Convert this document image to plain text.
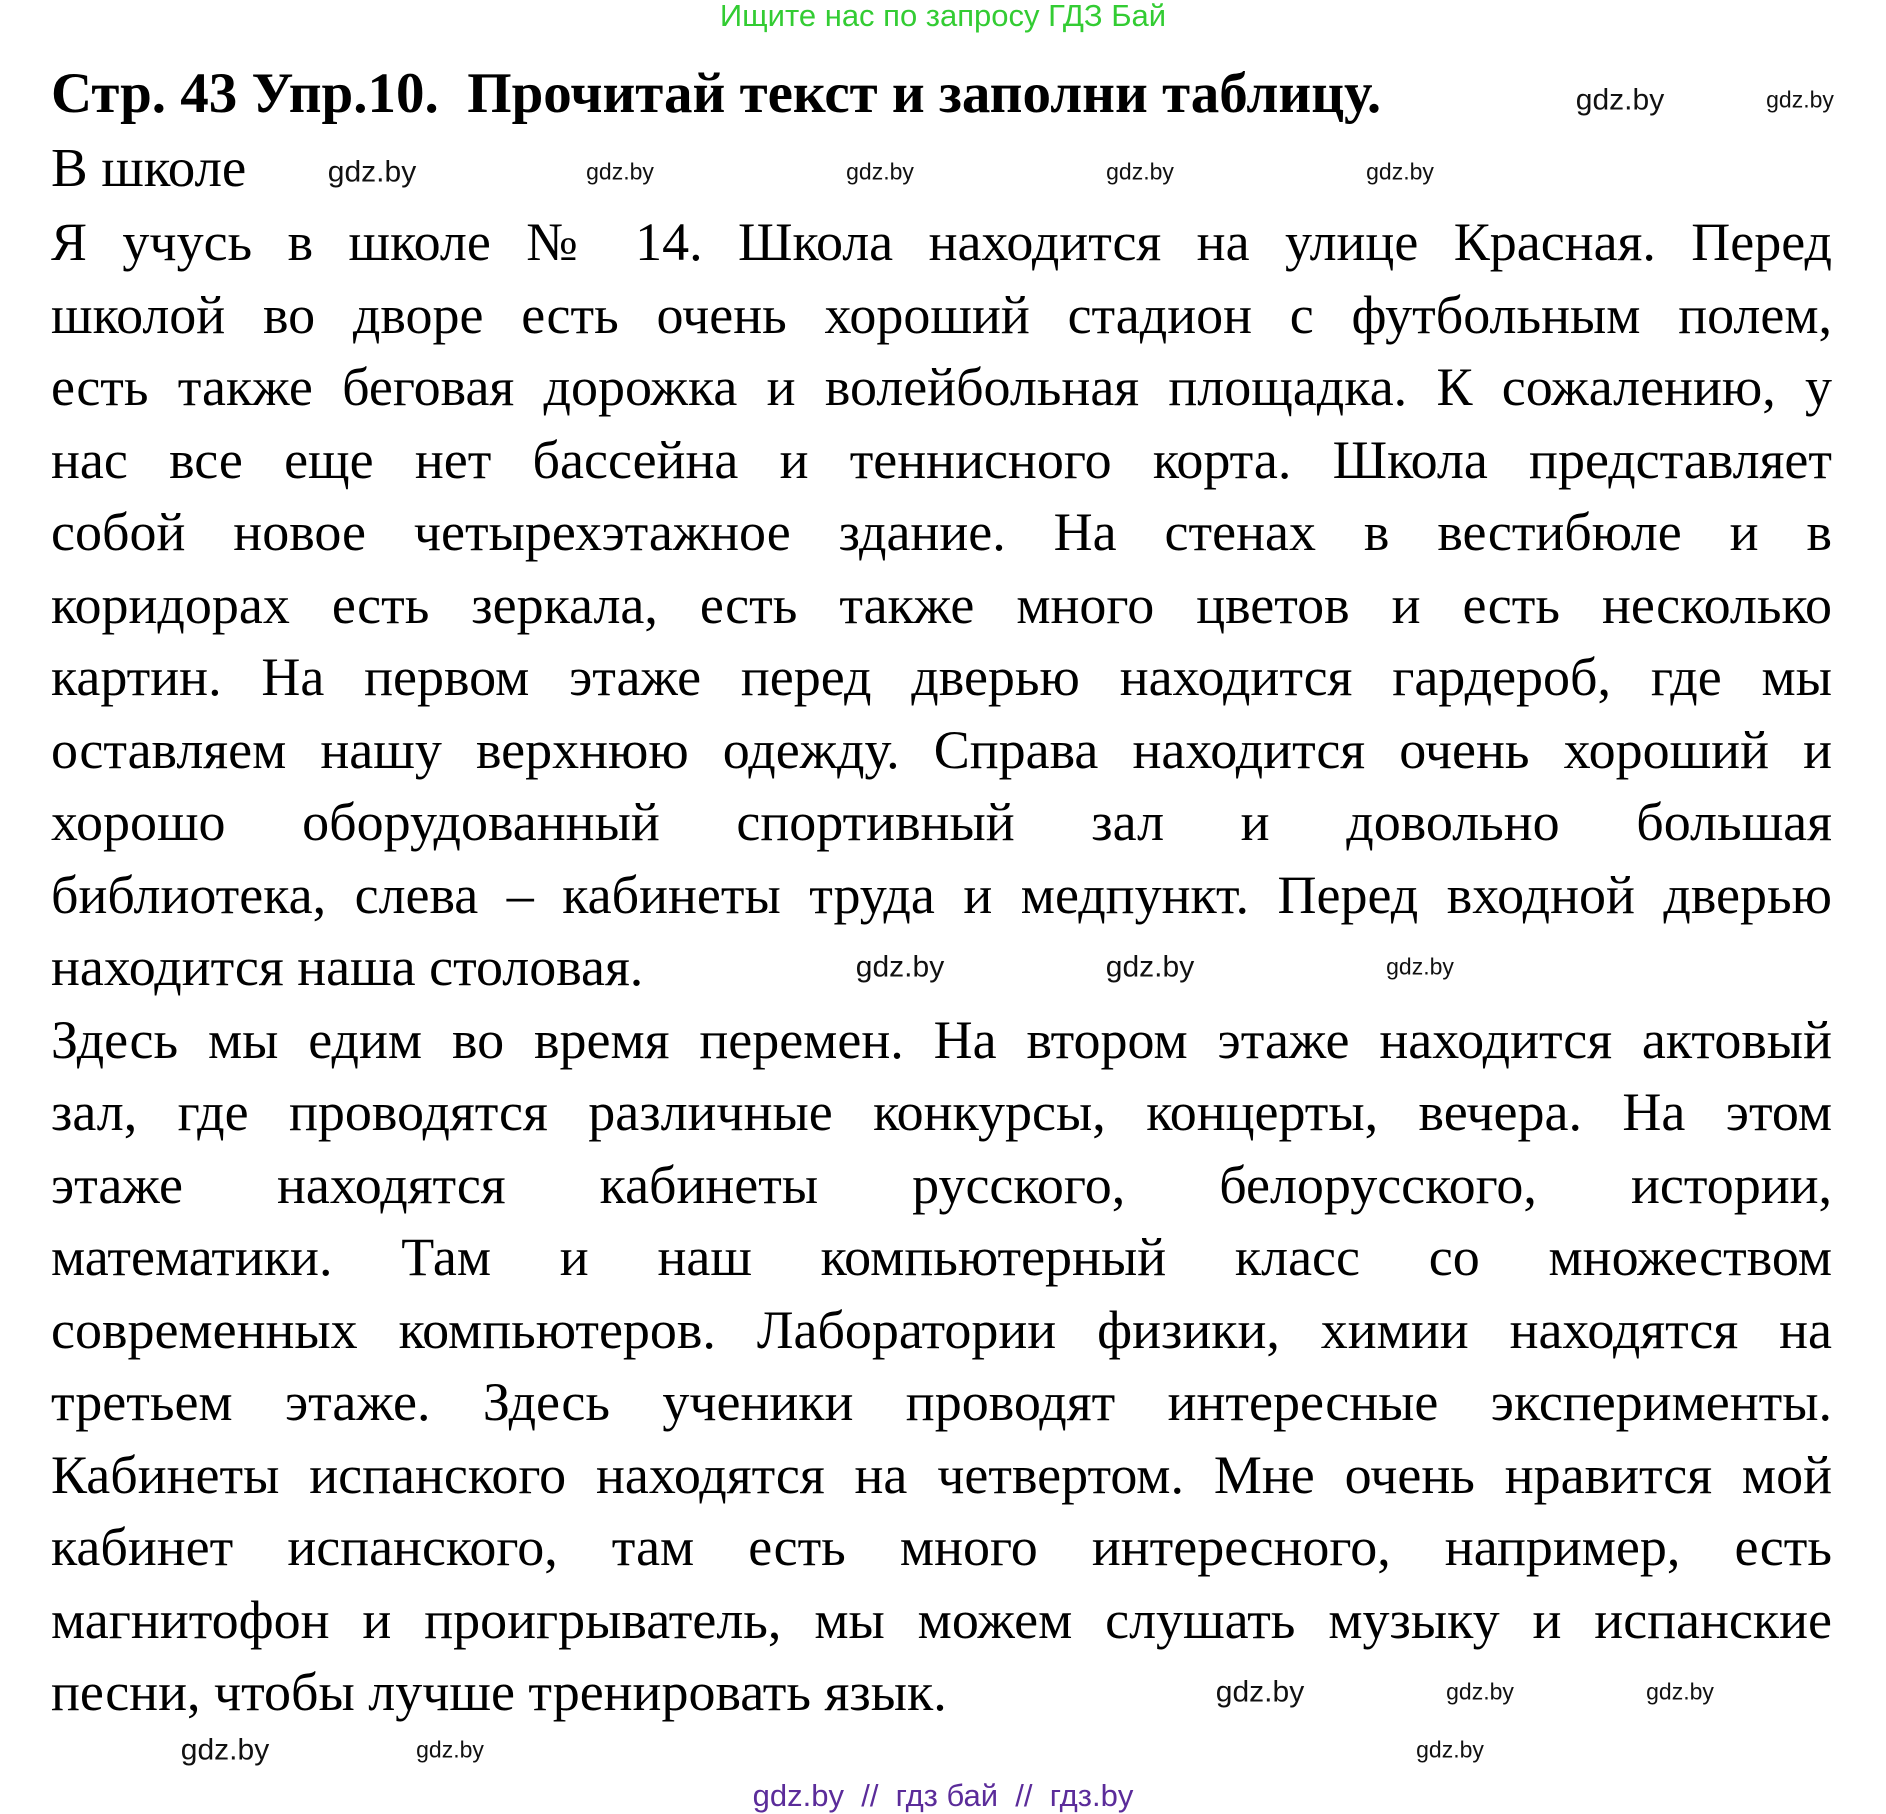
Ищите нас по запросу ГДЗ Бай
Стр. 43 Упр.10.  Прочитай текст и заполни таблицу.
В школе
Я учусь в школе № 14. Школа находится на улице Красная. Перед
школой во дворе есть очень хороший стадион с футбольным полем,
есть также беговая дорожка и волейбольная площадка. К сожалению, у
нас все еще нет бассейна и теннисного корта. Школа представляет
собой новое четырехэтажное здание. На стенах в вестибюле и в
коридорах есть зеркала, есть также много цветов и есть несколько
картин. На первом этаже перед дверью находится гардероб, где мы
оставляем нашу верхнюю одежду. Справа находится очень хороший и
хорошо оборудованный спортивный зал и довольно большая
библиотека, слева – кабинеты труда и медпункт. Перед входной дверью
находится наша столовая.
Здесь мы едим во время перемен. На втором этаже находится актовый
зал, где проводятся различные конкурсы, концерты, вечера. На этом
этаже находятся кабинеты русского, белорусского, истории,
математики. Там и наш компьютерный класс со множеством
современных компьютеров. Лаборатории физики, химии находятся на
третьем этаже. Здесь ученики проводят интересные эксперименты.
Кабинеты испанского находятся на четвертом. Мне очень нравится мой
кабинет испанского, там есть много интересного, например, есть
магнитофон и проигрыватель, мы можем слушать музыку и испанские
песни, чтобы лучше тренировать язык.
gdz.by	gdz.by
gdz.by	gdz.by	gdz.by	gdz.by	gdz.by
gdz.by	gdz.by	gdz.by
gdz.by	gdz.by	gdz.by
gdz.by	gdz.by	gdz.by
gdz.by  //  гдз бай  //  гдз.by
